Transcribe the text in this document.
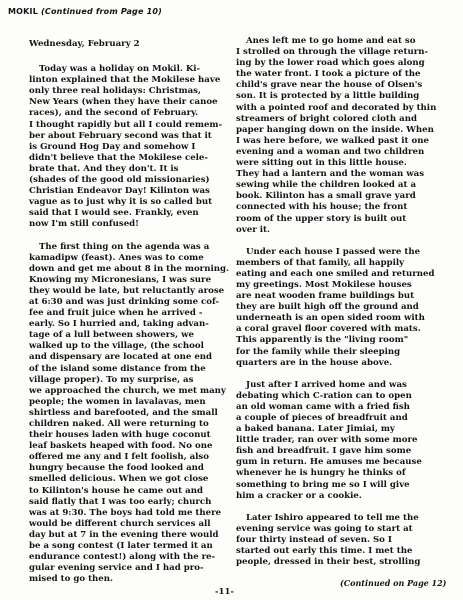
MOKIL (Continued from Page 10)
Wednesday, February 2
Today was a holiday on Mokil. Ki-
linton explained that the Mokilese have
only three real holidays: Christmas,
New Years (when they have their canoe
races), and the second of February.
I thought rapidly but all I could remem-
ber about February second was that it
is Ground Hog Day and somehow I
didn't believe that the Mokilese cele-
brate that. And they don't. It is
(shades of the good old missionaries)
Christian Endeavor Day! Kilinton was
vague as to just why it is so called but
said that I would see. Frankly, even
now I'm still confused!
The first thing on the agenda was a
kamadipw (feast). Anes was to come
down and get me about 8 in the morning.
Knowing my Micronesians, I was sure
they would be late, but reluctantly arose
at 6:30 and was just drinking some cof-
fee and fruit juice when he arrived -
early. So I hurried and, taking advan-
tage of a lull between showers, we
walked up to the village, (the school
and dispensary are located at one end
of the island some distance from the
village proper). To my surprise, as
we approached the church, we met many
people; the women in lavalavas, men
shirtless and barefooted, and the small
children naked. All were returning to
their houses laden with huge coconut
leaf baskets heaped with food. No one
offered me any and I felt foolish, also
hungry because the food looked and
smelled delicious. When we got close
to Kilinton's house he came out and
said flatly that I was too early; church
was at 9:30. The boys had told me there
would be different church services all
day but at 7 in the evening there would
be a song contest (I later termed it an
endurance contest!) along with the re-
gular evening service and I had pro-
mised to go then.
Anes left me to go home and eat so
I strolled on through the village return-
ing by the lower road which goes along
the water front. I took a picture of the
child's grave near the house of Olsen's
son. It is protected by a little building
with a pointed roof and decorated by thin
streamers of bright colored cloth and
paper hanging down on the inside. When
I was here before, we walked past it one
evening and a woman and two children
were sitting out in this little house.
They had a lantern and the woman was
sewing while the children looked at a
book. Kilinton has a small grave yard
connected with his house; the front
room of the upper story is built out
over it.
Under each house I passed were the
members of that family, all happily
eating and each one smiled and returned
my greetings. Most Mokilese houses
are neat wooden frame buildings but
they are built high off the ground and
underneath is an open sided room with
a coral gravel floor covered with mats.
This apparently is the "living room"
for the family while their sleeping
quarters are in the house above.
Just after I arrived home and was
debating which C-ration can to open
an old woman came with a fried fish
a couple of pieces of breadfruit and
a baked banana. Later Jimiai, my
little trader, ran over with some more
fish and breadfruit. I gave him some
gum in return. He amuses me because
whenever he is hungry he thinks of
something to bring me so I will give
him a cracker or a cookie.
Later Ishiro appeared to tell me the
evening service was going to start at
four thirty instead of seven. So I
started out early this time. I met the
people, dressed in their best, strolling
(Continued on Page 12)
-11-
